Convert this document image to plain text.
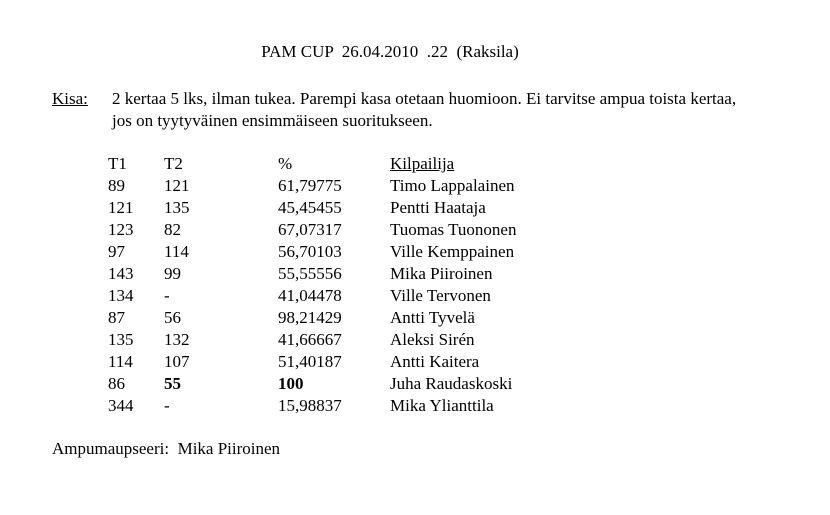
PAM CUP  26.04.2010  .22  (Raksila)
Kisa: 2 kertaa 5 lks, ilman tukea. Parempi kasa otetaan huomioon. Ei tarvitse ampua toista kertaa,
jos on tyytyväinen ensimmäiseen suoritukseen.
T1	T2	%	Kilpailija
89	121	61,79775	Timo Lappalainen
121	135	45,45455	Pentti Haataja
123	82	67,07317	Tuomas Tuononen
97	114	56,70103	Ville Kemppainen
143	99	55,55556	Mika Piiroinen
134	-	41,04478	Ville Tervonen
87	56	98,21429	Antti Tyvelä
135	132	41,66667	Aleksi Sirén
114	107	51,40187	Antti Kaitera
86	55	100	Juha Raudaskoski
344	-	15,98837	Mika Ylianttila
Ampumaupseeri:  Mika Piiroinen
